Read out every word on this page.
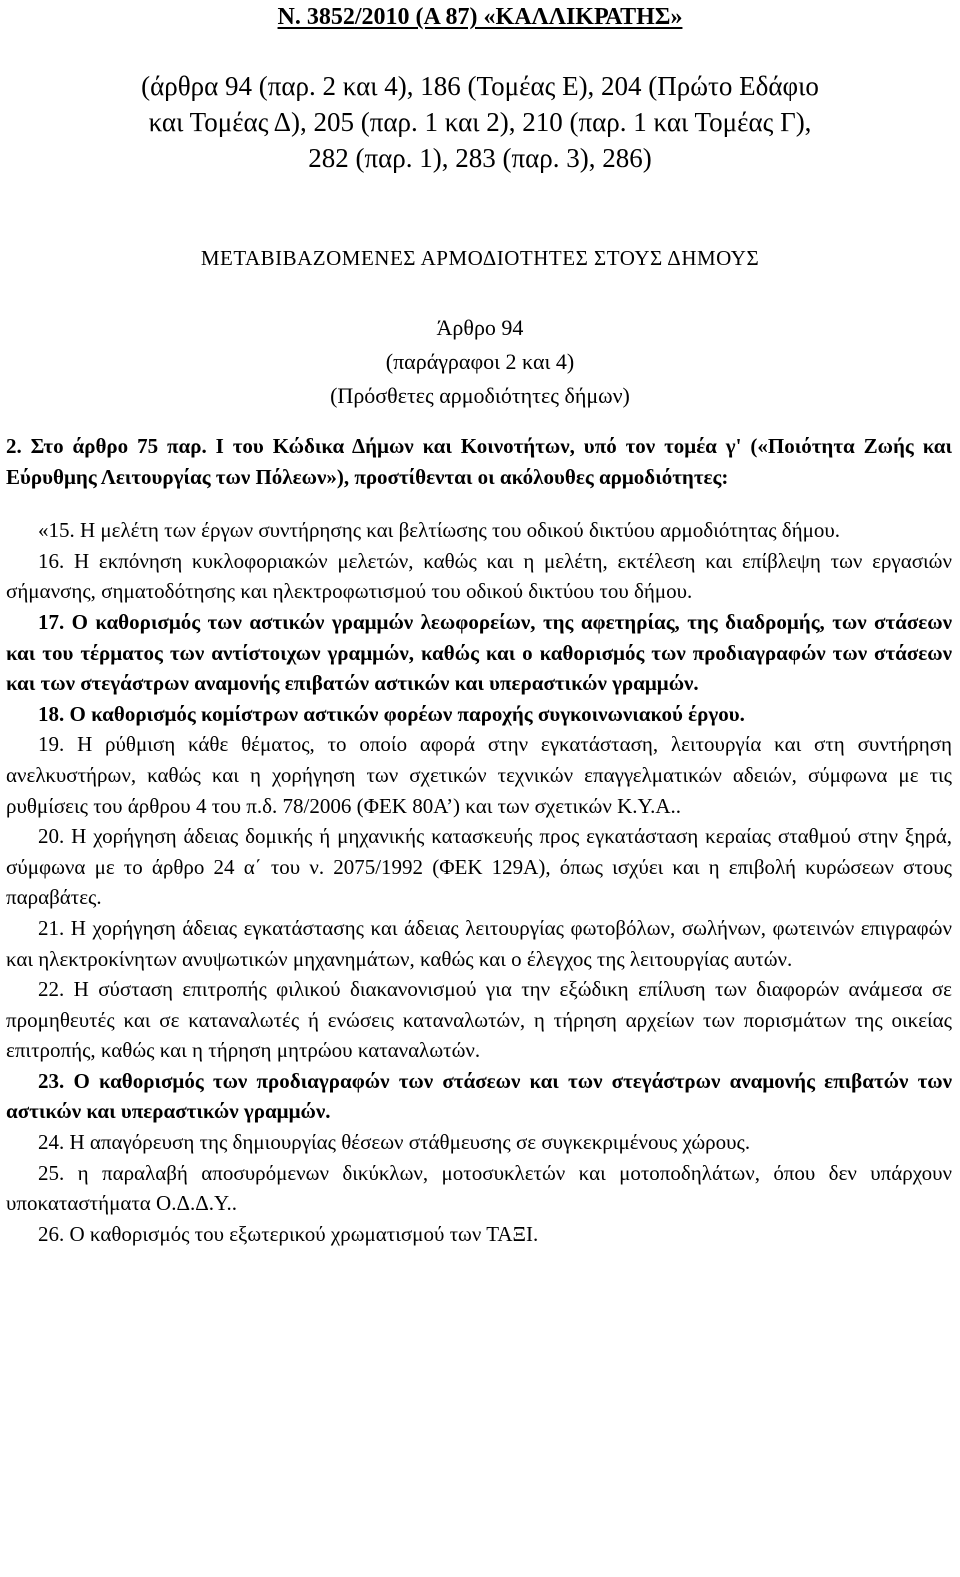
Ν. 3852/2010 (Α 87) «ΚΑΛΛΙΚΡΑΤΗΣ»
(άρθρα 94 (παρ. 2 και 4), 186 (Τομέας Ε), 204 (Πρώτο Εδάφιο
και Τομέας Δ), 205 (παρ. 1 και 2), 210 (παρ. 1 και Τομέας Γ),
282 (παρ. 1), 283 (παρ. 3), 286)
ΜΕΤΑΒΙΒΑΖΟΜΕΝΕΣ ΑΡΜΟΔΙΟΤΗΤΕΣ ΣΤΟΥΣ ΔΗΜΟΥΣ
Άρθρο 94
(παράγραφοι 2 και 4)
(Πρόσθετες αρμοδιότητες δήμων)

2. Στο άρθρο 75 παρ. Ι του Κώδικα Δήμων και Κοινοτήτων, υπό τον τομέα γ' («Ποιότητα Ζωής και Εύρυθμης Λειτουργίας των Πόλεων»), προστίθενται οι ακόλουθες αρμοδιότητες:

«15. Η μελέτη των έργων συντήρησης και βελτίωσης του οδικού δικτύου αρμοδιότητας δήμου.

16. Η εκπόνηση κυκλοφοριακών μελετών, καθώς και η μελέτη, εκτέλεση και επίβλεψη των εργασιών σήμανσης, σηματοδότησης και ηλεκτροφωτισμού του οδικού δικτύου του δήμου.

17. Ο καθορισμός των αστικών γραμμών λεωφορείων, της αφετηρίας, της διαδρομής, των στάσεων και του τέρματος των αντίστοιχων γραμμών, καθώς και ο καθορισμός των προδιαγραφών των στάσεων και των στεγάστρων αναμονής επιβατών αστικών και υπεραστικών γραμμών.

18. Ο καθορισμός κομίστρων αστικών φορέων παροχής συγκοινωνιακού έργου.

19. Η ρύθμιση κάθε θέματος, το οποίο αφορά στην εγκατάσταση, λειτουργία και στη συντήρηση ανελκυστήρων, καθώς και η χορήγηση των σχετικών τεχνικών επαγγελματικών αδειών, σύμφωνα με τις ρυθμίσεις του άρθρου 4 του π.δ. 78/2006 (ΦΕΚ 80Α’) και των σχετικών Κ.Υ.Α..

20. Η χορήγηση άδειας δομικής ή μηχανικής κατασκευής προς εγκατάσταση κεραίας σταθμού στην ξηρά, σύμφωνα με το άρθρο 24 α΄ του ν. 2075/1992 (ΦΕΚ 129Α), όπως ισχύει και η επιβολή κυρώσεων στους παραβάτες.

21. Η χορήγηση άδειας εγκατάστασης και άδειας λειτουργίας φωτοβόλων, σωλήνων, φωτεινών επιγραφών και ηλεκτροκίνητων ανυψωτικών μηχανημάτων, καθώς και ο έλεγχος της λειτουργίας αυτών.

22. Η σύσταση επιτροπής φιλικού διακανονισμού για την εξώδικη επίλυση των διαφορών ανάμεσα σε προμηθευτές και σε καταναλωτές ή ενώσεις καταναλωτών, η τήρηση αρχείων των πορισμάτων της οικείας επιτροπής, καθώς και η τήρηση μητρώου καταναλωτών.

23. Ο καθορισμός των προδιαγραφών των στάσεων και των στεγάστρων αναμονής επιβατών των αστικών και υπεραστικών γραμμών.

24. Η απαγόρευση της δημιουργίας θέσεων στάθμευσης σε συγκεκριμένους χώρους.

25. η παραλαβή αποσυρόμενων δικύκλων, μοτοσυκλετών και μοτοποδηλάτων, όπου δεν υπάρχουν υποκαταστήματα Ο.Δ.Δ.Υ..

26. Ο καθορισμός του εξωτερικού χρωματισμού των ΤΑΞΙ.
